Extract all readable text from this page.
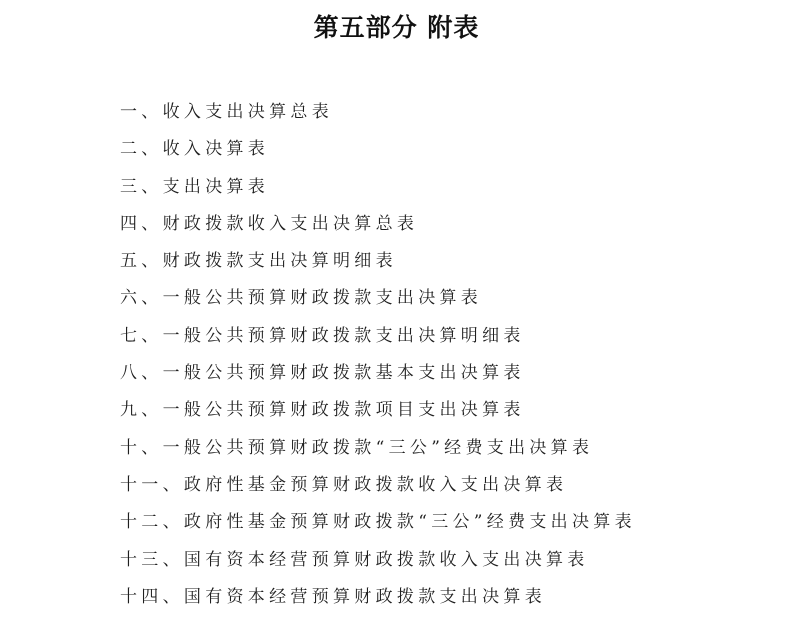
第五部分 附表
一、收入支出决算总表
二、收入决算表
三、支出决算表
四、财政拨款收入支出决算总表
五、财政拨款支出决算明细表
六、一般公共预算财政拨款支出决算表
七、一般公共预算财政拨款支出决算明细表
八、一般公共预算财政拨款基本支出决算表
九、一般公共预算财政拨款项目支出决算表
十、一般公共预算财政拨款“三公”经费支出决算表
十一、政府性基金预算财政拨款收入支出决算表
十二、政府性基金预算财政拨款“三公”经费支出决算表
十三、国有资本经营预算财政拨款收入支出决算表
十四、国有资本经营预算财政拨款支出决算表
